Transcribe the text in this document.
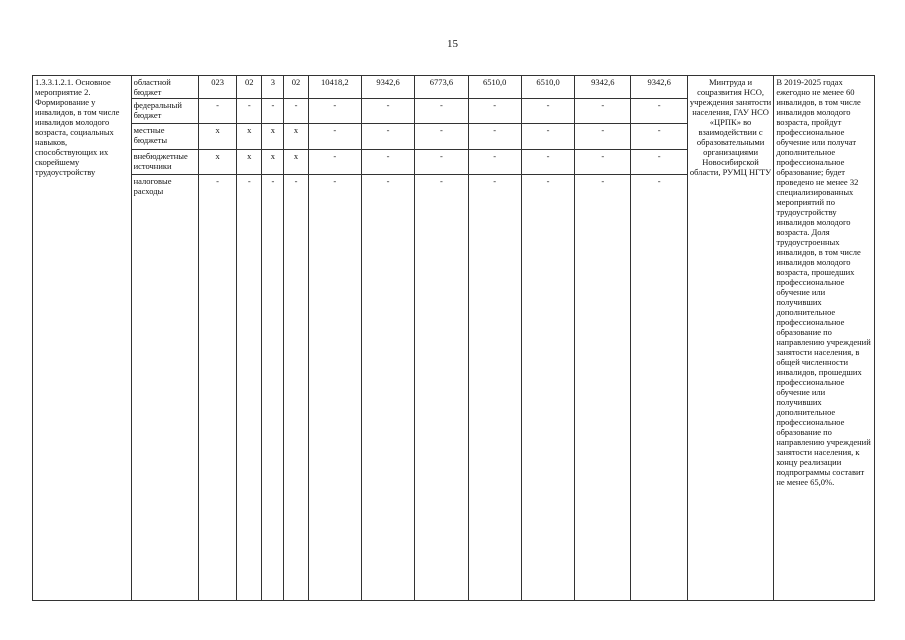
15
1.3.3.1.2.1. Основное мероприятие 2. Формирование у инвалидов, в том числе инвалидов молодого возраста, социальных навыков, способствующих их скорейшему трудоустройству	областной бюджет	023	02	3	02	10418,2	9342,6	6773,6	6510,0	6510,0	9342,6	9342,6	Минтруда и соцразвития НСО, учреждения занятости населения, ГАУ НСО «ЦРПК» во взаимодействии с образовательными организациями Новосибирской области, РУМЦ НГТУ	В 2019-2025 годах ежегодно не менее 60 инвалидов, в том числе инвалидов молодого возраста, пройдут профессиональное обучение или получат дополнительное профессиональное образование; будет проведено не менее 32 специализированных мероприятий по трудоустройству инвалидов молодого возраста. Доля трудоустроенных инвалидов, в том числе инвалидов молодого возраста, прошедших профессиональное обучение или получивших дополнительное профессиональное образование по направлению учреждений занятости населения, в общей численности инвалидов, прошедших профессиональное обучение или получивших дополнительное профессиональное образование по направлению учреждений занятости населения, к концу реализации подпрограммы составит не менее 65,0%.
	федеральный бюджет	-	-	-	-	-	-	-	-	-	-	-		
	местные бюджеты	х	х	х	х	-	-	-	-	-	-	-		
	внебюджетные источники	х	х	х	х	-	-	-	-	-	-	-		
	налоговые расходы	-	-	-	-	-	-	-	-	-	-	-		
